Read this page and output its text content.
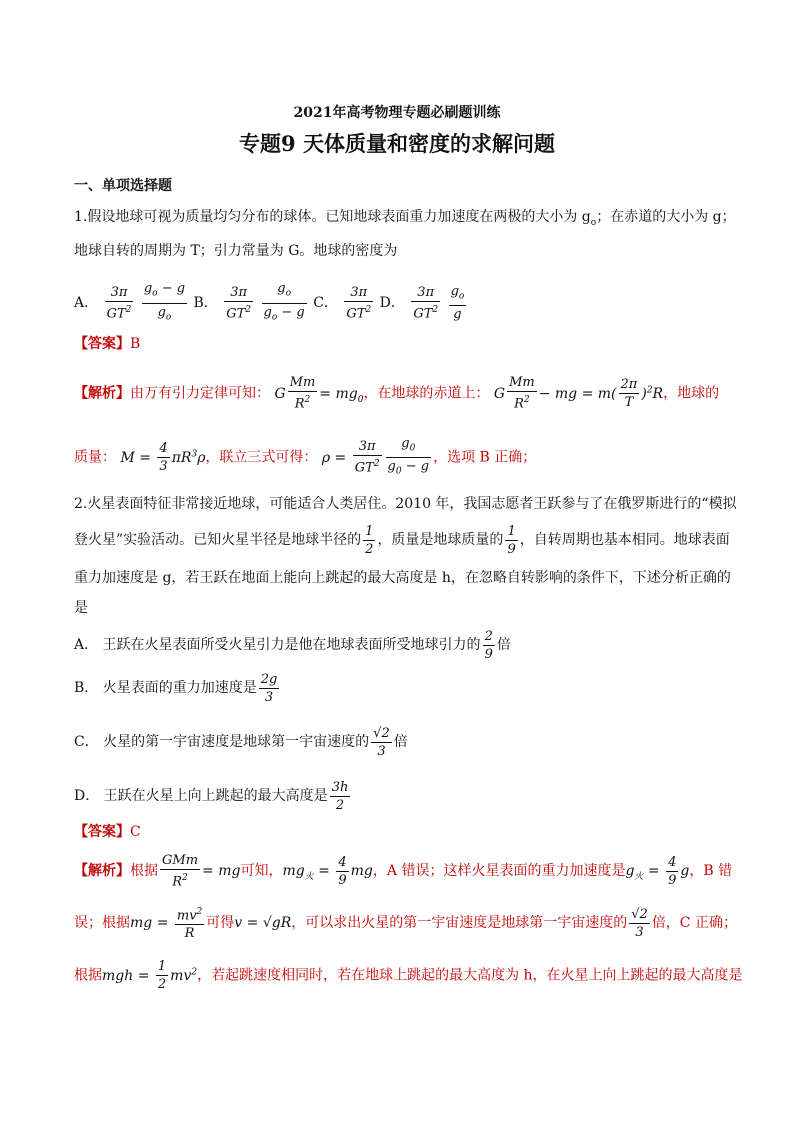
2021年高考物理专题必刷题训练
专题9 天体质量和密度的求解问题
一、单项选择题
1.假设地球可视为质量均匀分布的球体。已知地球表面重力加速度在两极的大小为 $g_o$；在赤道的大小为 g；
地球自转的周期为 T；引力常量为 G。地球的密度为
A． $\frac{3\pi}{GT^2}$
$\frac{g_o - g}{g_o}$ B． $\frac{3\pi}{GT^2}$
$\frac{g_o}{g_o - g}$ C． $\frac{3\pi}{GT^2}$ D． $\frac{3\pi}{GT^2}$
$\frac{g_o}{g}$
【答案】B
【解析】由万有引力定律可知： G $\frac{Mm}{R^2} = mg_0$，在地球的赤道上： G $\frac{Mm}{R^2}$ − mg = $m( \frac{2\pi}{T} )^2R$，地球的
质量： $M = \frac{4}{3} \pi R^3\rho$，联立三式可得： $\rho = \frac{3\pi}{GT^2} \frac{g_0}{g_0 - g}$ ，选项 B 正确；
2.火星表面特征非常接近地球，可能适合人类居住。2010 年，我国志愿者王跃参与了在俄罗斯进行的“模拟
登火星”实验活动。已知火星半径是地球半径的 $\frac{1}{2}$ ，质量是地球质量的 $\frac{1}{9}$ ，自转周期也基本相同。地球表面
重力加速度是 g，若王跃在地面上能向上跳起的最大高度是 h，在忽略自转影响的条件下，下述分析正确的
是
A． 王跃在火星表面所受火星引力是他在地球表面所受地球引力的 $\frac{2}{9}$ 倍
B． 火星表面的重力加速度是 $\frac{2g}{3}$
C． 火星的第一宇宙速度是地球第一宇宙速度的 $\frac{√2}{3}$ 倍
D． 王跃在火星上向上跳起的最大高度是 $\frac{3h}{2}$
【答案】C
【解析】根据 $\frac{\text{GMm}}{R^2}$ = mg可知，$mg_火 = \frac{4}{9}$ mg，A 错误；这样火星表面的重力加速度是$g_火 = \frac{4}{9}$ g，B 错
误；根据mg = $\frac{mv^2}{R}$ 可得v = √gR，可以求出火星的第一宇宙速度是地球第一宇宙速度的 $\frac{√2}{3}$ 倍，C 正确；
根据mgh = $\frac{1}{2} mv^2$，若起跳速度相同时，若在地球上跳起的最大高度为 h，在火星上向上跳起的最大高度是
